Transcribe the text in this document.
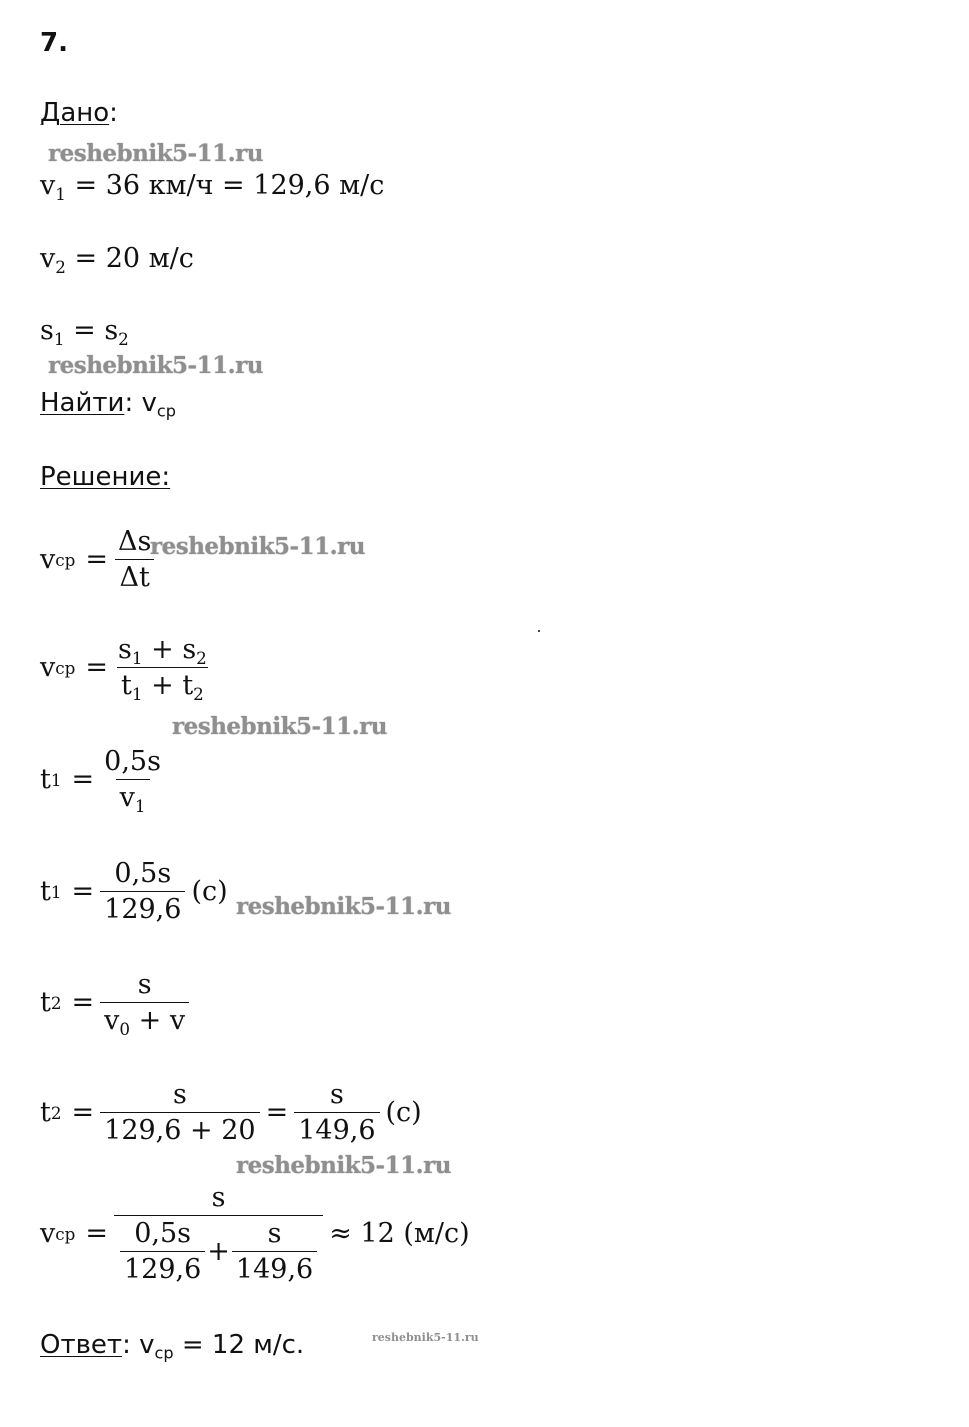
7.
Дано:
reshebnik5-11.ru
$v_1 = 36$ км/ч = 129,6 м/с
$v_2 = 20$ м/с
$s_1 = s_2$
reshebnik5-11.ru
Найти: $v_{ср}$
Решение:
v ср = $\frac{\Delta s}{\Delta t}$
reshebnik5-11.ru
v ср = $\frac{s_1 + s_2}{t_1 + t_2}$
reshebnik5-11.ru
t $1 = \frac{0,5s}{v_1}$
t $1 = \frac{0,5s}{129,6} (с)$ reshebnik5-11.ru
t $2 = \frac{s}{v_0 + v}$
t $2 = \frac{s}{129,6 + 20} = \frac{s}{149,6} (с)$
reshebnik5-11.ru
v ср = $\frac{s}{\frac{0,5s}{129,6} + \frac{s}{149,6}} \approx 12$ (м/с)
Ответ: $v_{ср} = 12$ м/с.	reshebnik5-11.ru
